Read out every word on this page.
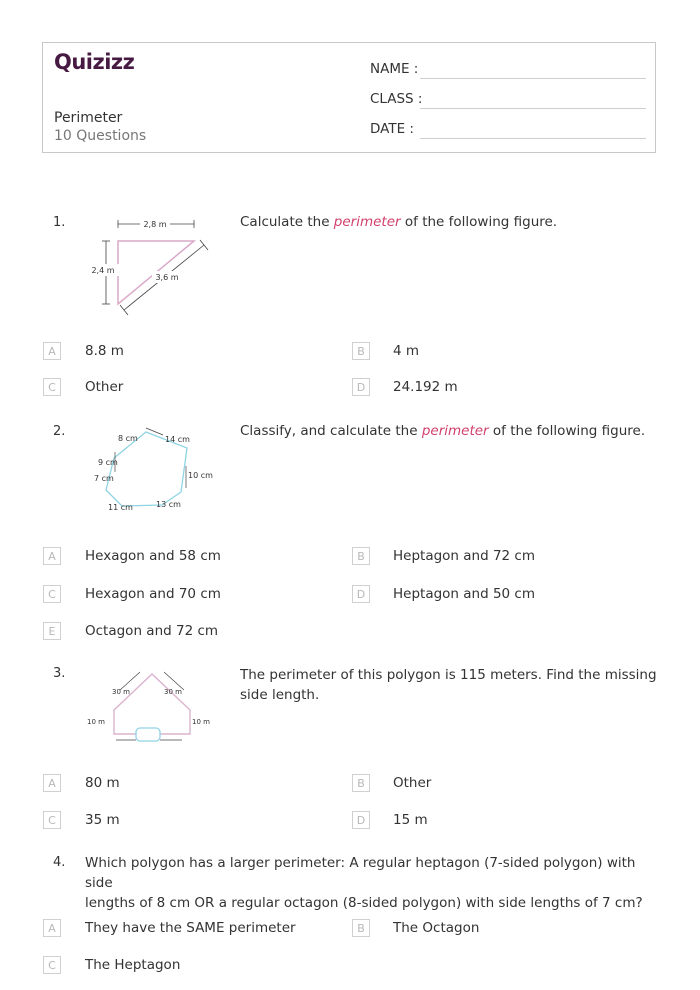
Quizizz
Perimeter
10 Questions
NAME :
CLASS :
DATE :
1.	2,8 m
2,4 m
3,6 m
Calculate the perimeter of the following figure.
A	8.8 m	B	4 m
C	Other	D	24.192 m
2.	8 cm	14 cm
9 cm
7 cm	10 cm
11 cm	13 cm
Classify, and calculate the perimeter of the following figure.
A	Hexagon and 58 cm	B	Heptagon and 72 cm
C	Hexagon and 70 cm	D	Heptagon and 50 cm
E	Octagon and 72 cm
3.
30 m	30 m
10 m	10 m
The perimeter of this polygon is 115 meters. Find the missing
side length.
A	80 m	B	Other
C	35 m	D	15 m
4. Which polygon has a larger perimeter: A regular heptagon (7-sided polygon) with side
lengths of 8 cm OR a regular octagon (8-sided polygon) with side lengths of 7 cm?
A	They have the SAME perimeter	B	The Octagon
C	The Heptagon
